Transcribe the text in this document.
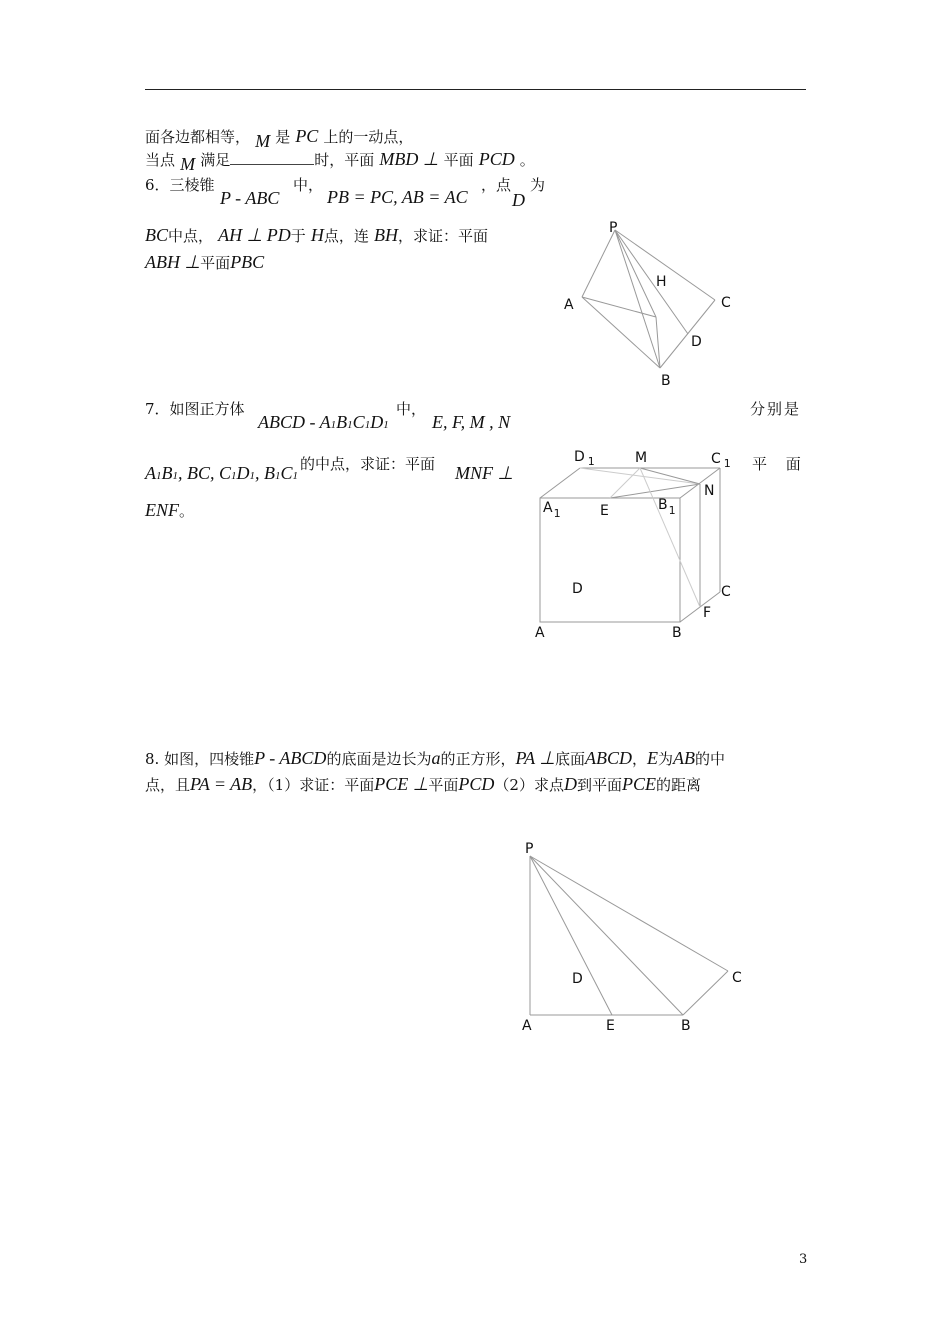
面各边都相等， M 是 PC 上的一动点，
当点 M 满足	时，平面 MBD ⊥ 平面 PCD 。
6．三棱锥
P - ABC
中，
PB = PC, AB = AC
，点
D
为
BC中点， AH ⊥ PD于 H点，连 BH，求证：平面
ABH ⊥平面PBC
P
H
A	C
D
B
7．如图正方体
ABCD - A1B1C1D1
中，
E, F, M , N
分别是
A1B1, BC, C1D1, B1C1
的中点，求证：平面 MNF ⊥	平 面
ENF。
D $_1$	M	C $_1$
N
$A_1$	E	$B_1$
D	C
F
A	B
8. 如图，四棱锥P - ABCD的底面是边长为a的正方形，PA ⊥底面ABCD，E为AB的中
点，且PA = AB，（1）求证：平面PCE ⊥平面PCD（2）求点D到平面PCE的距离
P
D	C
A	E	B
3
